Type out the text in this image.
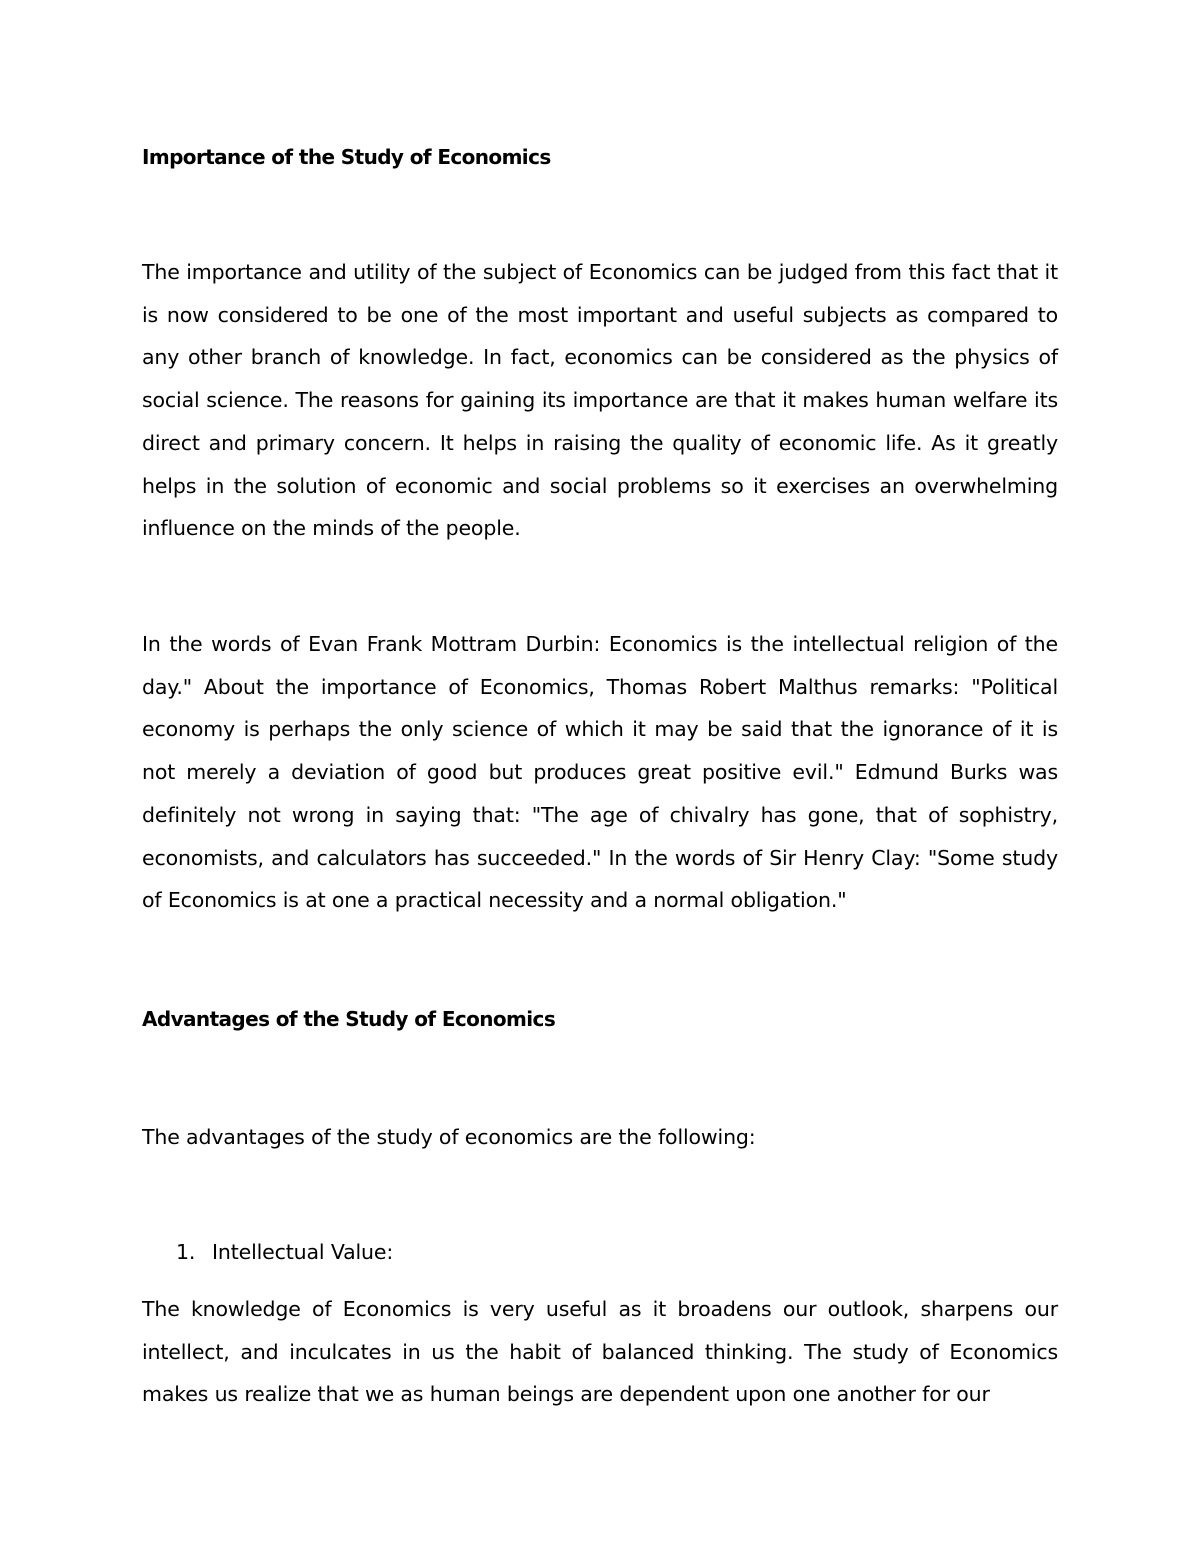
Importance of the Study of Economics

The importance and utility of the subject of Economics can be judged from this fact that it is now considered to be one of the most important and useful subjects as compared to any other branch of knowledge. In fact, economics can be considered as the physics of social science. The reasons for gaining its importance are that it makes human welfare its direct and primary concern. It helps in raising the quality of economic life. As it greatly helps in the solution of economic and social problems so it exercises an overwhelming influence on the minds of the people.

In the words of Evan Frank Mottram Durbin: Economics is the intellectual religion of the day." About the importance of Economics, Thomas Robert Malthus remarks: "Political economy is perhaps the only science of which it may be said that the ignorance of it is not merely a deviation of good but produces great positive evil." Edmund Burks was definitely not wrong in saying that: "The age of chivalry has gone, that of sophistry, economists, and calculators has succeeded." In the words of Sir Henry Clay: "Some study of Economics is at one a practical necessity and a normal obligation."

Advantages of the Study of Economics

The advantages of the study of economics are the following:

1. Intellectual Value:

The knowledge of Economics is very useful as it broadens our outlook, sharpens our intellect, and inculcates in us the habit of balanced thinking. The study of Economics makes us realize that we as human beings are dependent upon one another for our
